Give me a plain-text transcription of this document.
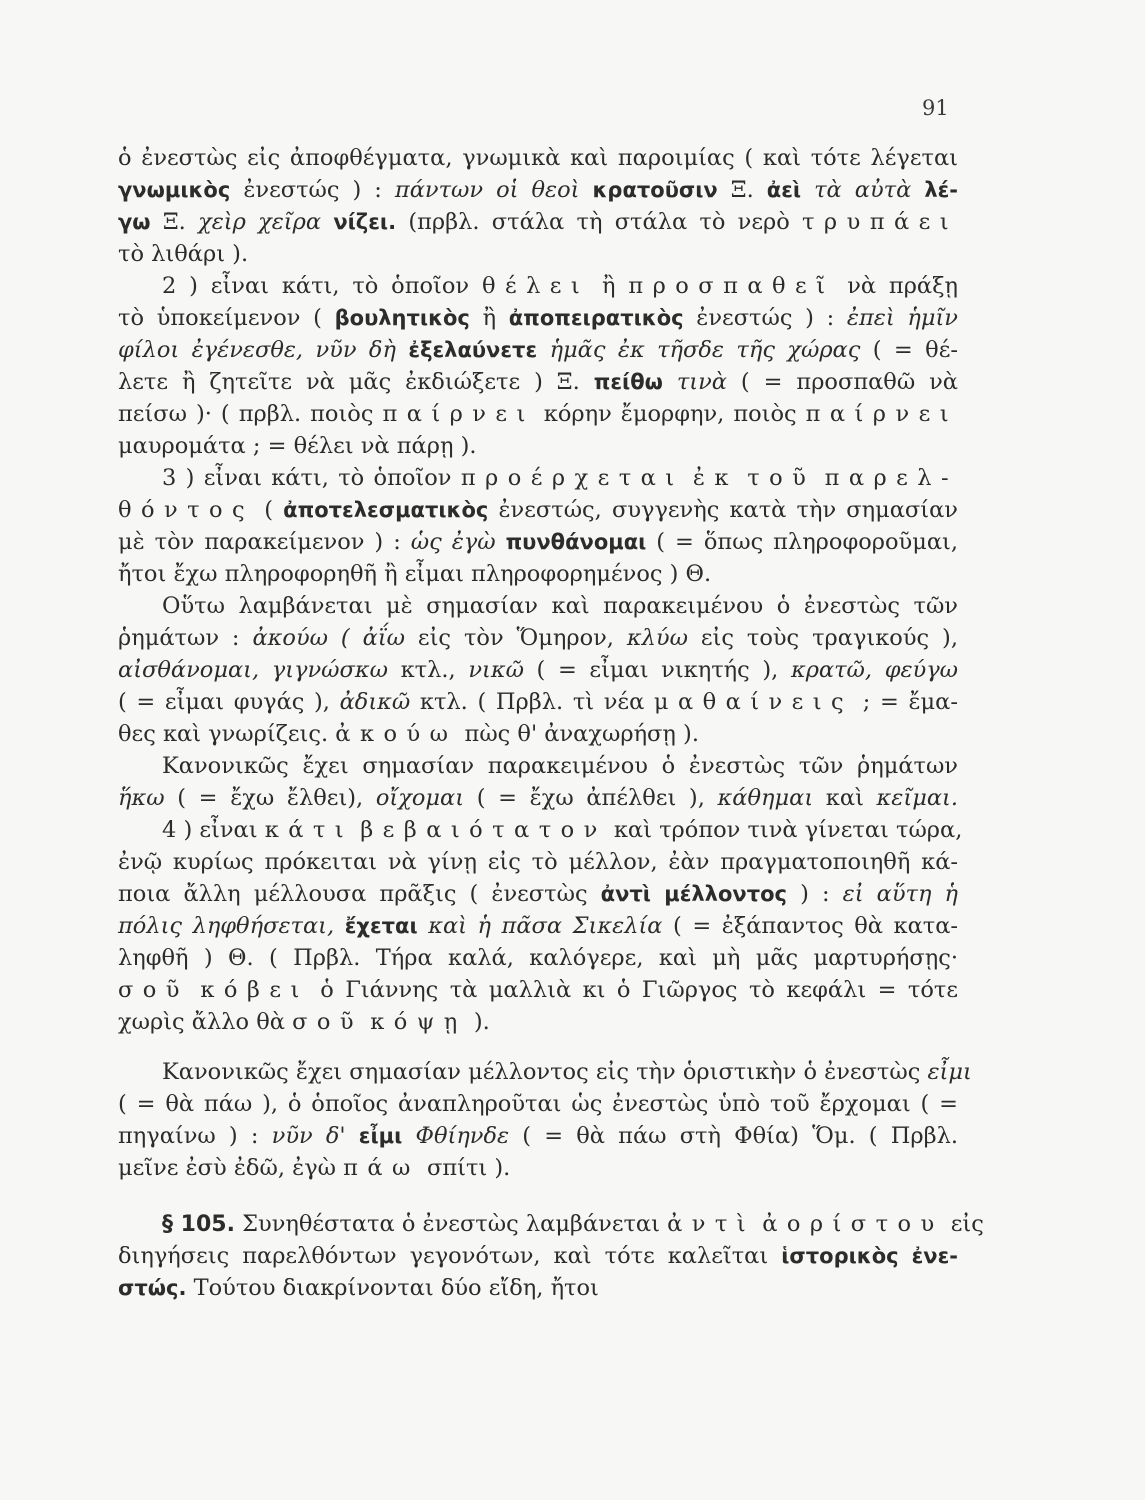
91
ὁ ἐνεστὼς εἰς ἀποφθέγματα, γνωμικὰ καὶ παροιμίας ( καὶ τότε λέγεται
γνωμικὸς ἐνεστώς ) : πάντων οἱ θεοὶ κρατοῦσιν Ξ. ἀεὶ τὰ αὐτὰ λέ-
γω Ξ. χεὶρ χεῖρα νίζει. (πρβλ. στάλα τὴ στάλα τὸ νερὸ τρυπάει
τὸ λιθάρι ).
2 ) εἶναι κάτι, τὸ ὁποῖον θέλει ἢ προσπαθεῖ νὰ πράξῃ
τὸ ὑποκείμενον ( βουλητικὸς ἢ ἀποπειρατικὸς ἐνεστώς ) : ἐπεὶ ἡμῖν
φίλοι ἐγένεσθε, νῦν δὴ ἐξελαύνετε ἡμᾶς ἐκ τῆσδε τῆς χώρας ( = θέ-
λετε ἢ ζητεῖτε νὰ μᾶς ἐκδιώξετε ) Ξ. πείθω τινὰ ( = προσπαθῶ νὰ
πείσω )· ( πρβλ. ποιὸς παίρνει κόρην ἔμορφην, ποιὸς παίρνει
μαυρομάτα ; = θέλει νὰ πάρῃ ).
3 ) εἶναι κάτι, τὸ ὁποῖον προέρχεται ἐκ τοῦ παρελ-
θόντος ( ἀποτελεσματικὸς ἐνεστώς, συγγενὴς κατὰ τὴν σημασίαν
μὲ τὸν παρακείμενον ) : ὡς ἐγὼ πυνθάνομαι ( = ὅπως πληροφοροῦμαι,
ἤτοι ἔχω πληροφορηθῆ ἢ εἶμαι πληροφορημένος ) Θ.
Οὕτω λαμβάνεται μὲ σημασίαν καὶ παρακειμένου ὁ ἐνεστὼς τῶν
ῥημάτων : ἀκούω ( ἀΐω εἰς τὸν Ὅμηρον, κλύω εἰς τοὺς τραγικούς ),
αἰσθάνομαι, γιγνώσκω κτλ., νικῶ ( = εἶμαι νικητής ), κρατῶ, φεύγω
( = εἶμαι φυγάς ), ἀδικῶ κτλ. ( Πρβλ. τὶ νέα μαθαίνεις ; = ἔμα-
θες καὶ γνωρίζεις. ἀκούω πὼς θ' ἀναχωρήσῃ ).
Κανονικῶς ἔχει σημασίαν παρακειμένου ὁ ἐνεστὼς τῶν ῥημάτων
ἥκω ( = ἔχω ἔλθει), οἴχομαι ( = ἔχω ἀπέλθει ), κάθημαι καὶ κεῖμαι.
4 ) εἶναι κάτι βεβαιότατον καὶ τρόπον τινὰ γίνεται τώρα,
ἐνῷ κυρίως πρόκειται νὰ γίνῃ εἰς τὸ μέλλον, ἐὰν πραγματοποιηθῆ κά-
ποια ἄλλη μέλλουσα πρᾶξις ( ἐνεστὼς ἀντὶ μέλλοντος ) : εἰ αὕτη ἡ
πόλις ληφθήσεται, ἔχεται καὶ ἡ πᾶσα Σικελία ( = ἐξάπαντος θὰ κατα-
ληφθῆ ) Θ. ( Πρβλ. Τήρα καλά, καλόγερε, καὶ μὴ μᾶς μαρτυρήσῃς·
σοῦ κόβει ὁ Γιάννης τὰ μαλλιὰ κι ὁ Γιῶργος τὸ κεφάλι = τότε
χωρὶς ἄλλο θὰ σοῦ κόψῃ ).
Κανονικῶς ἔχει σημασίαν μέλλοντος εἰς τὴν ὁριστικὴν ὁ ἐνεστὼς εἶμι
( = θὰ πάω ), ὁ ὁποῖος ἀναπληροῦται ὡς ἐνεστὼς ὑπὸ τοῦ ἔρχομαι ( =
πηγαίνω ) : νῦν δ' εἶμι Φθίηνδε ( = θὰ πάω στὴ Φθία) Ὅμ. ( Πρβλ.
μεῖνε ἐσὺ ἐδῶ, ἐγὼ πάω σπίτι ).
§ 105. Συνηθέστατα ὁ ἐνεστὼς λαμβάνεται ἀντὶ ἀορίστου εἰς
διηγήσεις παρελθόντων γεγονότων, καὶ τότε καλεῖται ἱστορικὸς ἐνε-
στώς. Τούτου διακρίνονται δύο εἴδη, ἤτοι
